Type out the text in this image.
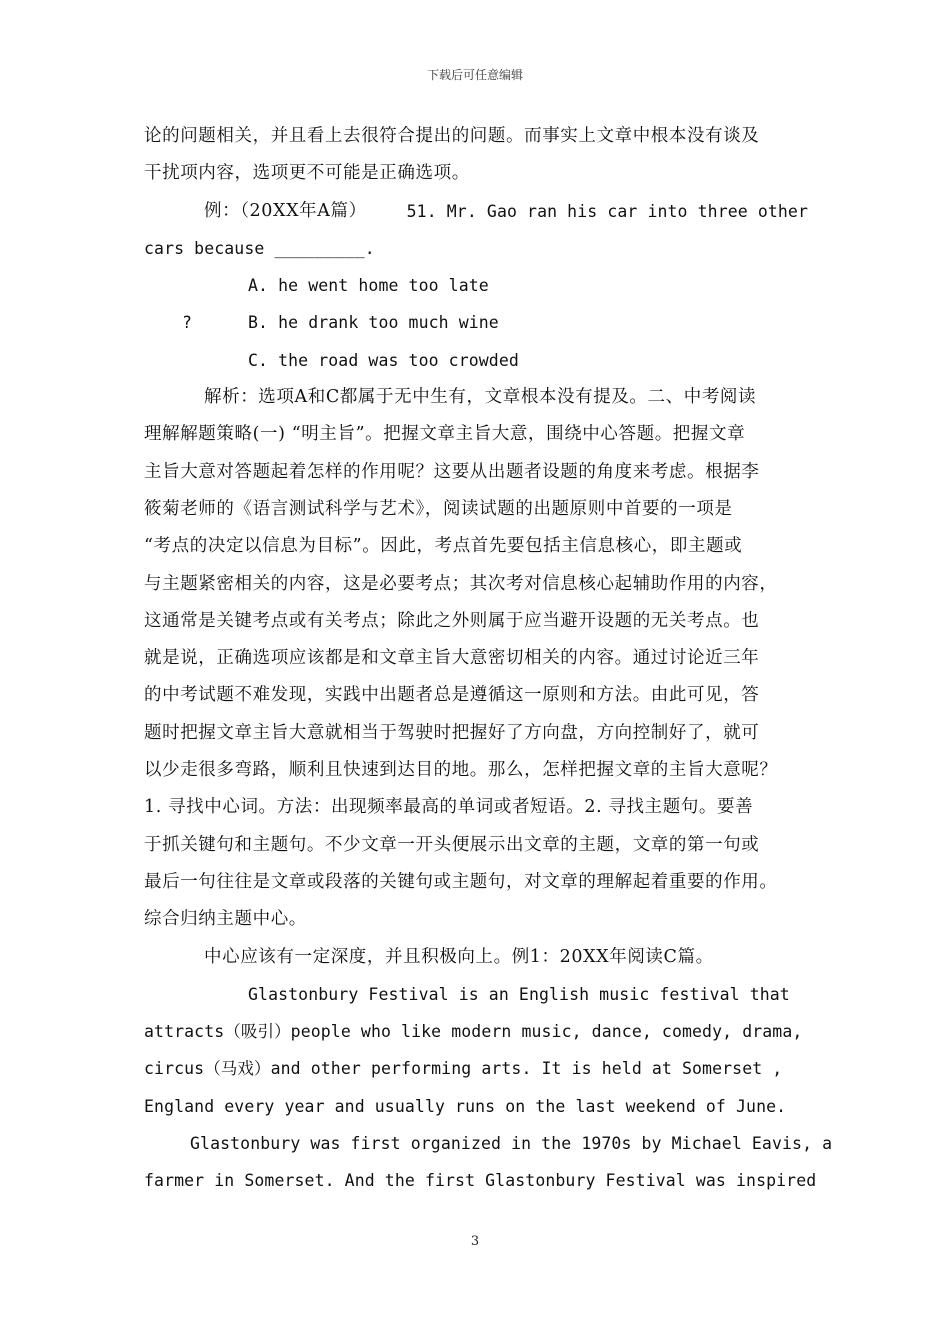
下载后可任意编辑
论的问题相关，并且看上去很符合提出的问题。而事实上文章中根本没有谈及
干扰项内容，选项更不可能是正确选项。
例：（20XX年A篇）	51. Mr. Gao ran his car into three other
cars because _________.
A. he went home too late
?	B. he drank too much wine
C. the road was too crowded
解析：选项A和C都属于无中生有，文章根本没有提及。二、中考阅读
理解解题策略(一) “明主旨”。把握文章主旨大意，围绕中心答题。把握文章
主旨大意对答题起着怎样的作用呢？这要从出题者设题的角度来考虑。根据李
筱菊老师的《语言测试科学与艺术》，阅读试题的出题原则中首要的一项是
“考点的决定以信息为目标”。因此，考点首先要包括主信息核心，即主题或
与主题紧密相关的内容，这是必要考点；其次考对信息核心起辅助作用的内容，
这通常是关键考点或有关考点；除此之外则属于应当避开设题的无关考点。也
就是说，正确选项应该都是和文章主旨大意密切相关的内容。通过讨论近三年
的中考试题不难发现，实践中出题者总是遵循这一原则和方法。由此可见，答
题时把握文章主旨大意就相当于驾驶时把握好了方向盘，方向控制好了，就可
以少走很多弯路，顺利且快速到达目的地。那么，怎样把握文章的主旨大意呢？
1. 寻找中心词。方法：出现频率最高的单词或者短语。2. 寻找主题句。要善
于抓关键句和主题句。不少文章一开头便展示出文章的主题，文章的第一句或
最后一句往往是文章或段落的关键句或主题句，对文章的理解起着重要的作用。
综合归纳主题中心。
中心应该有一定深度，并且积极向上。例1：20XX年阅读C篇。
Glastonbury Festival is an English music festival that
attracts（吸引）people who like modern music, dance, comedy, drama,
circus（马戏）and other performing arts. It is held at Somerset ,
England every year and usually runs on the last weekend of June.
Glastonbury was first organized in the 1970s by Michael Eavis, a
farmer in Somerset. And the first Glastonbury Festival was inspired
3
